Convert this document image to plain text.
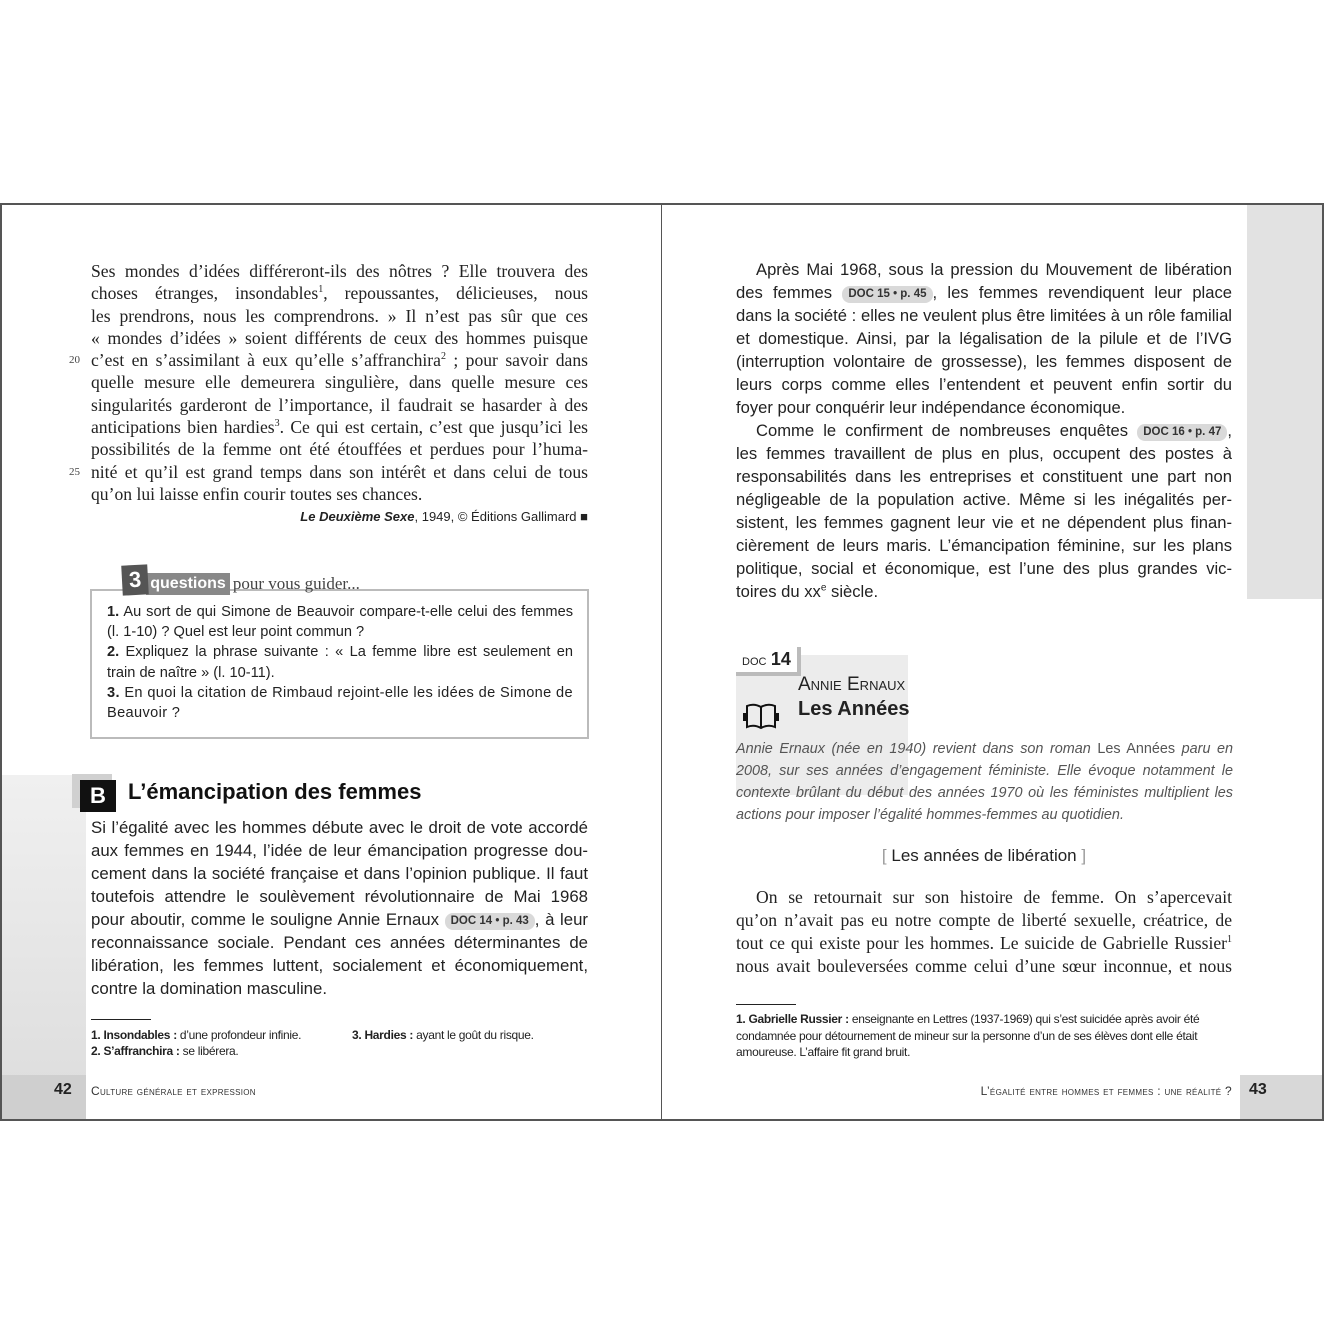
Ses mondes d’idées différeront-ils des nôtres ? Elle trouvera des
choses étranges, insondables$^1$, repoussantes, délicieuses, nous
les prendrons, nous les comprendrons. » Il n’est pas sûr que ces
« mondes d’idées » soient différents de ceux des hommes puisque
c’est en s’assimilant à eux qu’elle s’affranchira$^2$ ; pour savoir dans
20
quelle mesure elle demeurera singulière, dans quelle mesure ces
singularités garderont de l’importance, il faudrait se hasarder à des
anticipations bien hardies$^3$. Ce qui est certain, c’est que jusqu’ici les
possibilités de la femme ont été étouffées et perdues pour l’huma-
nité et qu’il est grand temps dans son intérêt et dans celui de tous
25
qu’on lui laisse enfin courir toutes ses chances.
Le Deuxième Sexe, 1949, © Éditions Gallimard ■
3 questions pour vous guider...

1. Au sort de qui Simone de Beauvoir compare-t-elle celui des femmes (l. 1-10) ? Quel est leur point commun ?

2. Expliquez la phrase suivante : « La femme libre est seulement en train de naître » (l. 10-11).

3. En quoi la citation de Rimbaud rejoint-elle les idées de Simone de Beauvoir ?

B	L’émancipation des femmes
Si l’égalité avec les hommes débute avec le droit de vote accordé
aux femmes en 1944, l’idée de leur émancipation progresse dou-
cement dans la société française et dans l’opinion publique. Il faut
toutefois attendre le soulèvement révolutionnaire de Mai 1968
pour aboutir, comme le souligne Annie Ernaux DOC 14 • p. 43 , à leur
reconnaissance sociale. Pendant ces années déterminantes de
libération, les femmes luttent, socialement et économiquement,
contre la domination masculine.
1. Insondables : d’une profondeur infinie.
2. S’affranchira : se libérera.
3. Hardies : ayant le goût du risque.
42 Culture générale et expression
Après Mai 1968, sous la pression du Mouvement de libération
des femmes DOC 15 • p. 45 , les femmes revendiquent leur place
dans la société : elles ne veulent plus être limitées à un rôle familial
et domestique. Ainsi, par la légalisation de la pilule et de l’IVG
(interruption volontaire de grossesse), les femmes disposent de
leurs corps comme elles l’entendent et peuvent enfin sortir du
foyer pour conquérir leur indépendance économique.
Comme le confirment de nombreuses enquêtes DOC 16 • p. 47 ,
les femmes travaillent de plus en plus, occupent des postes à
responsabilités dans les entreprises et constituent une part non
négligeable de la population active. Même si les inégalités per-
sistent, les femmes gagnent leur vie et ne dépendent plus finan-
cièrement de leurs maris. L’émancipation féminine, sur les plans
politique, social et économique, est l’une des plus grandes vic-
toires du $xx^e$ siècle.
DOC 14
Annie Ernaux
Les Années
Annie Ernaux (née en 1940) revient dans son roman Les Années paru en 2008, sur ses années d’engagement féministe. Elle évoque notamment le contexte brûlant du début des années 1970 où les féministes multiplient les actions pour imposer l’égalité hommes-femmes au quotidien.
[ Les années de libération ]
On se retournait sur son histoire de femme. On s’apercevait
qu’on n’avait pas eu notre compte de liberté sexuelle, créatrice, de
tout ce qui existe pour les hommes. Le suicide de Gabrielle Russier$^1$
nous avait bouleversées comme celui d’une sœur inconnue, et nous
1. Gabrielle Russier : enseignante en Lettres (1937-1969) qui s’est suicidée après avoir été condamnée pour détournement de mineur sur la personne d’un de ses élèves dont elle était amoureuse. L’affaire fit grand bruit.
L’égalité entre hommes et femmes : une réalité ? 43
